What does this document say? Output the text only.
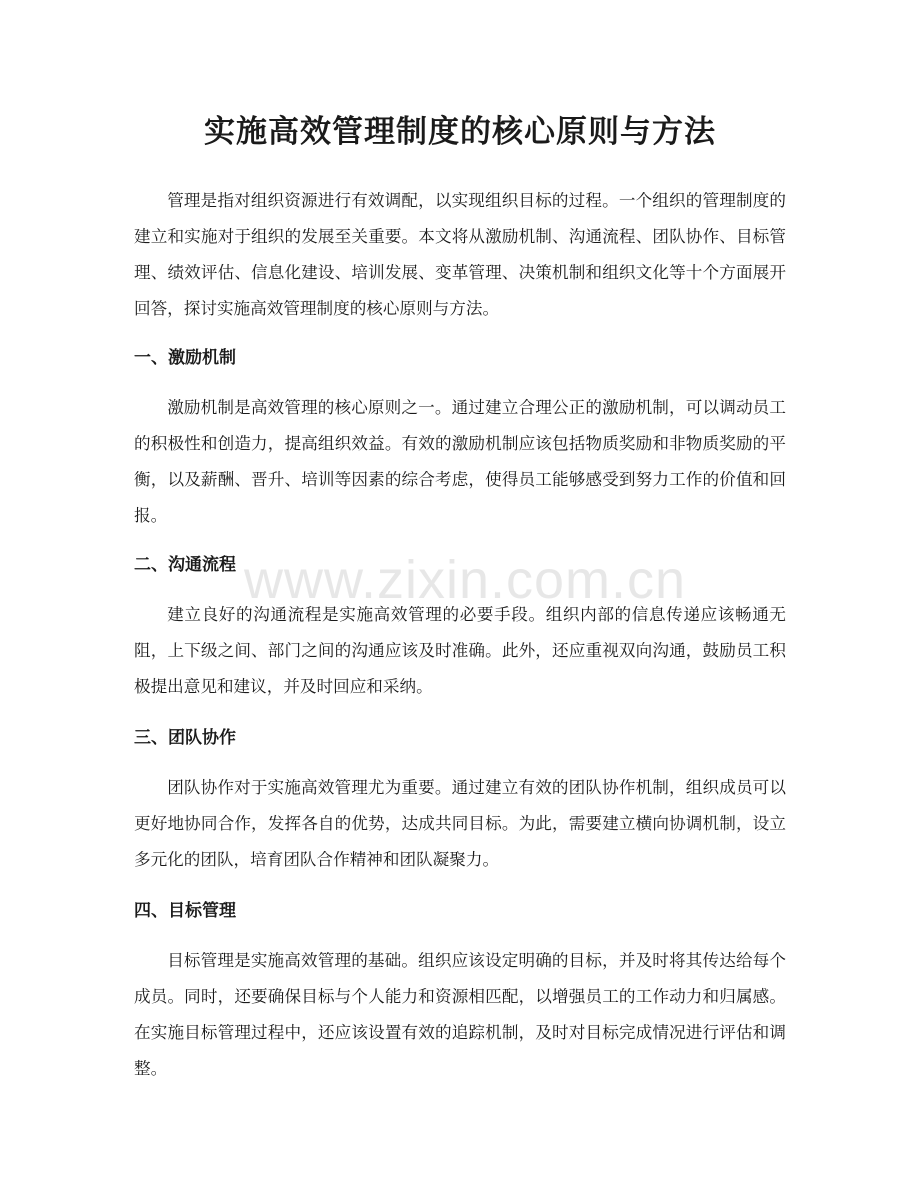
实施高效管理制度的核心原则与方法
管理是指对组织资源进行有效调配，以实现组织目标的过程。一个组织的管理制度的建立和实施对于组织的发展至关重要。本文将从激励机制、沟通流程、团队协作、目标管理、绩效评估、信息化建设、培训发展、变革管理、决策机制和组织文化等十个方面展开回答，探讨实施高效管理制度的核心原则与方法。
一、激励机制
激励机制是高效管理的核心原则之一。通过建立合理公正的激励机制，可以调动员工的积极性和创造力，提高组织效益。有效的激励机制应该包括物质奖励和非物质奖励的平衡，以及薪酬、晋升、培训等因素的综合考虑，使得员工能够感受到努力工作的价值和回报。
二、沟通流程
建立良好的沟通流程是实施高效管理的必要手段。组织内部的信息传递应该畅通无阻，上下级之间、部门之间的沟通应该及时准确。此外，还应重视双向沟通，鼓励员工积极提出意见和建议，并及时回应和采纳。
三、团队协作
团队协作对于实施高效管理尤为重要。通过建立有效的团队协作机制，组织成员可以更好地协同合作，发挥各自的优势，达成共同目标。为此，需要建立横向协调机制，设立多元化的团队，培育团队合作精神和团队凝聚力。
四、目标管理
目标管理是实施高效管理的基础。组织应该设定明确的目标，并及时将其传达给每个成员。同时，还要确保目标与个人能力和资源相匹配，以增强员工的工作动力和归属感。在实施目标管理过程中，还应该设置有效的追踪机制，及时对目标完成情况进行评估和调整。
www.zixin.com.cn
